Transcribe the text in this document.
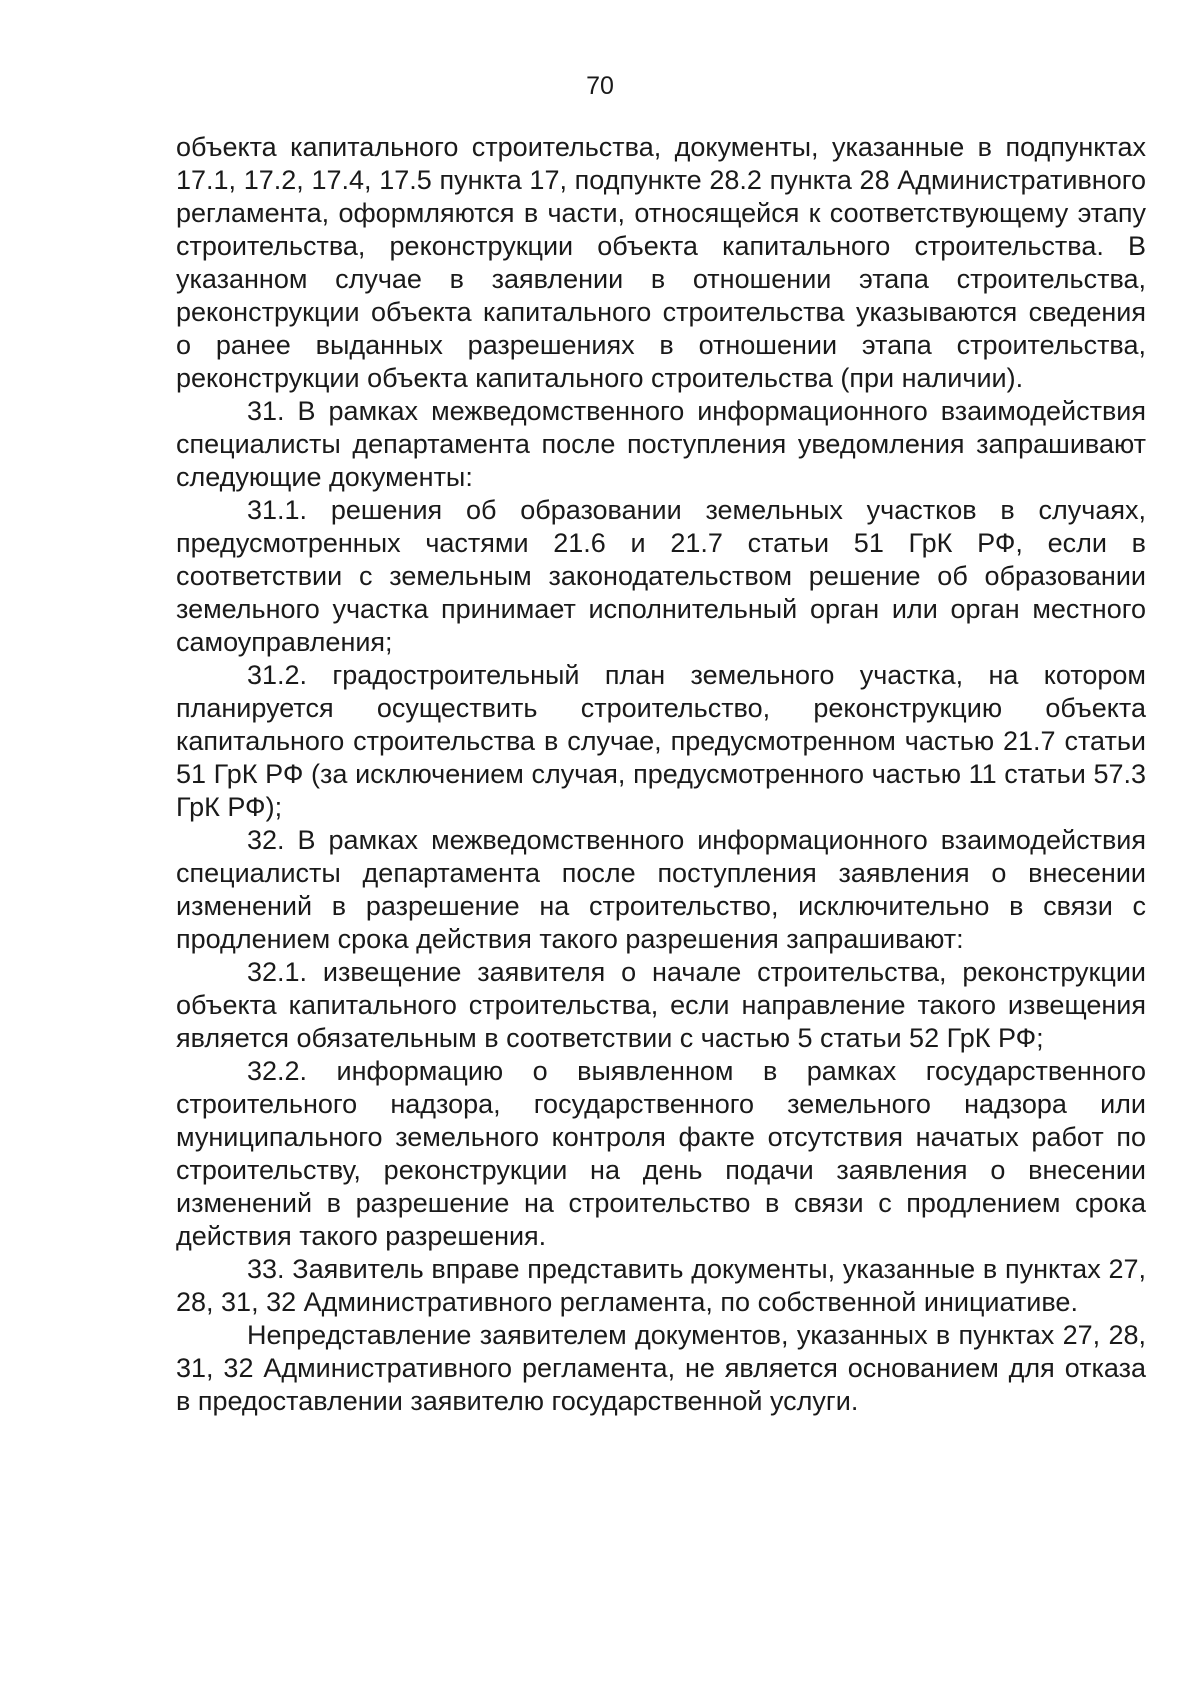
70

объекта капитального строительства, документы, указанные в подпунктах 17.1, 17.2, 17.4, 17.5 пункта 17, подпункте 28.2 пункта 28 Административного регламента, оформляются в части, относящейся к соответствующему этапу строительства, реконструкции объекта капитального строительства. В указанном случае в заявлении в отношении этапа строительства, реконструкции объекта капитального строительства указываются сведения о ранее выданных разрешениях в отношении этапа строительства, реконструкции объекта капитального строительства (при наличии).

31. В рамках межведомственного информационного взаимодействия специалисты департамента после поступления уведомления запрашивают следующие документы:

31.1. решения об образовании земельных участков в случаях, предусмотренных частями 21.6 и 21.7 статьи 51 ГрК РФ, если в соответствии с земельным законодательством решение об образовании земельного участка принимает исполнительный орган или орган местного самоуправления;

31.2. градостроительный план земельного участка, на котором планируется осуществить строительство, реконструкцию объекта капитального строительства в случае, предусмотренном частью 21.7 статьи 51 ГрК РФ (за исключением случая, предусмотренного частью 11 статьи 57.3 ГрК РФ);

32. В рамках межведомственного информационного взаимодействия специалисты департамента после поступления заявления о внесении изменений в разрешение на строительство, исключительно в связи с продлением срока действия такого разрешения запрашивают:

32.1. извещение заявителя о начале строительства, реконструкции объекта капитального строительства, если направление такого извещения является обязательным в соответствии с частью 5 статьи 52 ГрК РФ;

32.2. информацию о выявленном в рамках государственного строительного надзора, государственного земельного надзора или муниципального земельного контроля факте отсутствия начатых работ по строительству, реконструкции на день подачи заявления о внесении изменений в разрешение на строительство в связи с продлением срока действия такого разрешения.

33. Заявитель вправе представить документы, указанные в пунктах 27, 28, 31, 32 Административного регламента, по собственной инициативе.

Непредставление заявителем документов, указанных в пунктах 27, 28, 31, 32 Административного регламента, не является основанием для отказа в предоставлении заявителю государственной услуги.
